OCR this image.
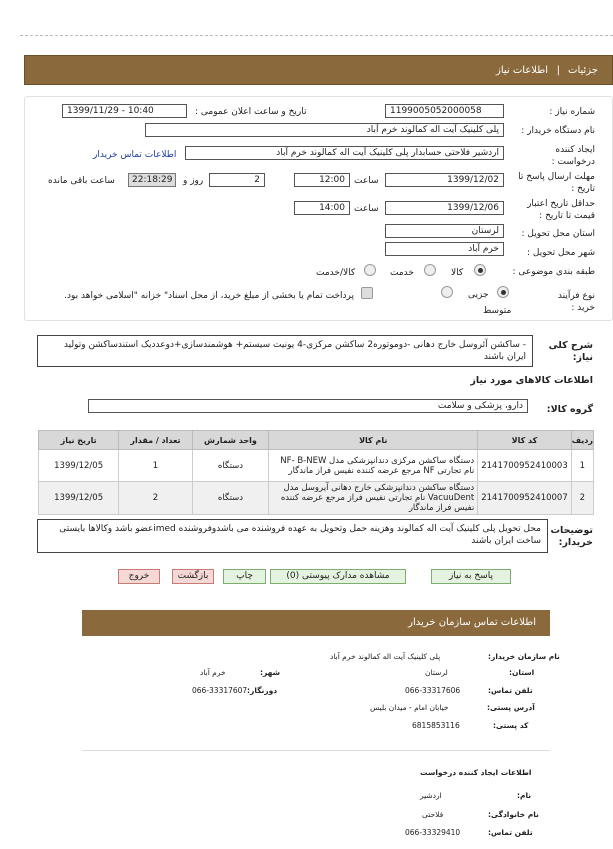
جزئیات
|
اطلاعات نیاز
شماره نیاز :
1199005052000058
تاریخ و ساعت اعلان عمومی :
1399/11/29 - 10:40
نام دستگاه خریدار :
پلی کلینیک آیت اله کمالوند خرم آباد
ایجاد کننده درخواست :
اردشیر فلاحتی حسابدار پلی کلینیک آیت اله کمالوند خرم آباد
اطلاعات تماس خریدار
مهلت ارسال پاسخ تا تاریخ :
1399/12/02
ساعت
12:00
2
روز و
22:18:29
ساعت باقی مانده
حداقل تاریخ اعتبار قیمت تا تاریخ :
1399/12/06
ساعت
14:00
استان محل تحویل :
لرستان
شهر محل تحویل :
خرم آباد
طبقه بندی موضوعی :
کالا
خدمت
کالا/خدمت
نوع فرآیند خرید :
جزیی
متوسط
پرداخت تمام یا بخشی از مبلغ خرید، از محل اسناد" خزانه "اسلامی خواهد بود.
شرح کلی نیاز:
- ساکشن آئروسل خارج دهانی -دوموتوره2 ساکشن مرکزی-4 یونیت سیستم+ هوشمندسازی+دوعددیک استندساکشن وتولید ایران باشند
اطلاعات کالاهای مورد نیاز
گروه کالا:
دارو، پزشکی و سلامت
ردیف	کد کالا	نام کالا	واحد شمارش	تعداد / مقدار	تاریخ نیاز
1	2141700952410003	دستگاه ساکشن مرکزی دندانپزشکی مدل NF- B-NEW نام تجارتی NF مرجع عرضه کننده نفیس فراز ماندگار	دستگاه	1	1399/12/05
2	2141700952410007	دستگاه ساکشن دندانپزشکی خارج دهانی آیروسل مدل VacuuDent نام تجارتی نفیس فراز مرجع عرضه کننده نفیس فراز ماندگار	دستگاه	2	1399/12/05
توضیحات خریدار:
محل تحویل پلی کلینیک آیت اله کمالوند وهزینه حمل وتحویل به عهده فروشنده می باشدوفروشنده imedعضو باشد وکالاها بایستی ساخت ایران باشند
پاسخ به نیاز
مشاهده مدارک پیوستی (0)
چاپ
بازگشت
خروج
اطلاعات تماس سازمان خریدار
نام سازمان خریدار:
پلی کلینیک آیت اله کمالوند خرم آباد
استان:
لرستان
شهر:
خرم آباد
تلفن تماس:
066-33317606
دورنگار:
066-33317607
آدرس پستی:
خیابان امام - میدان بلیس
کد پستی:
6815853116
اطلاعات ایجاد کننده درخواست
نام:
اردشیر
نام خانوادگی:
فلاحتی
تلفن تماس:
066-33329410
